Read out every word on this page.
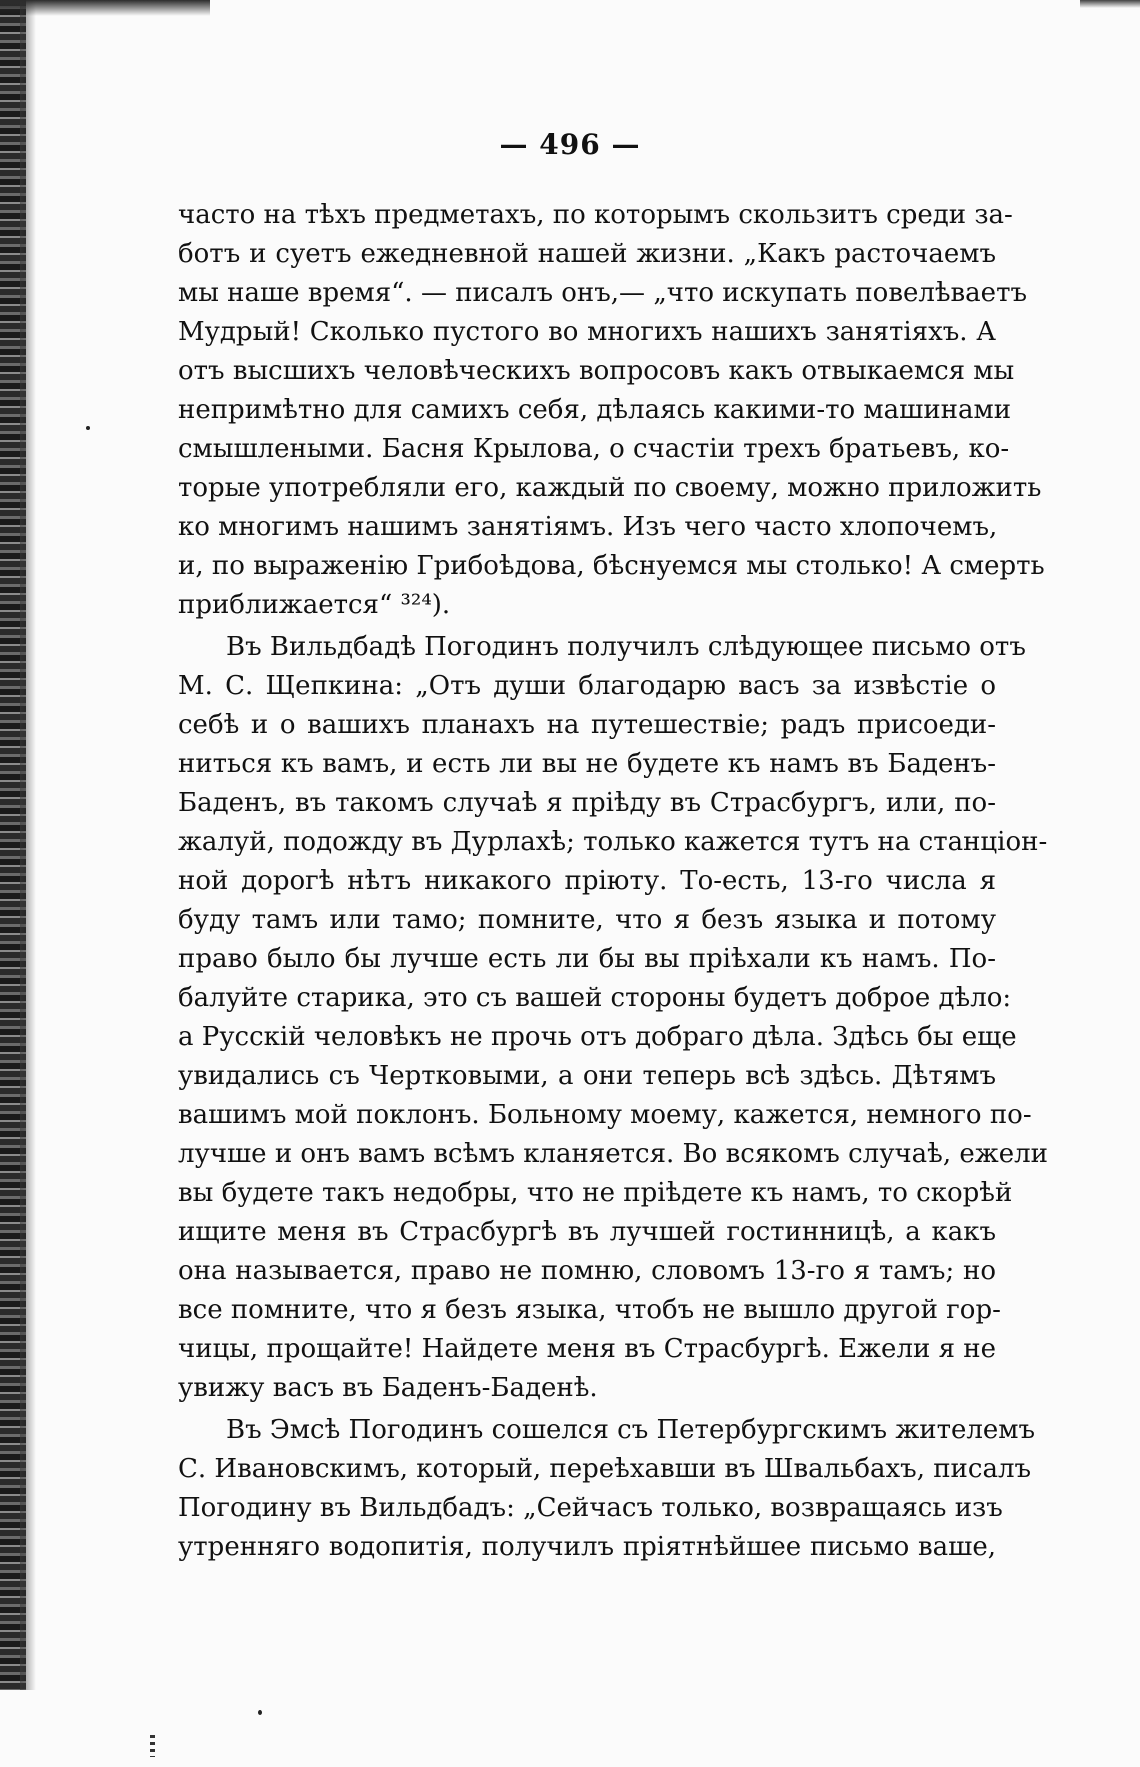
— 496 —
часто на тѣхъ предметахъ, по которымъ скользитъ среди за-
ботъ и суетъ ежедневной нашей жизни. „Какъ расточаемъ
мы наше время“. — писалъ онъ,— „что искупать повелѣваетъ
Мудрый! Сколько пустого во многихъ нашихъ занятіяхъ. А
отъ высшихъ человѣческихъ вопросовъ какъ отвыкаемся мы
непримѣтно для самихъ себя, дѣлаясь какими-то машинами
смышлеными. Басня Крылова, о счастіи трехъ братьевъ, ко-
торые употребляли его, каждый по своему, можно приложить
ко многимъ нашимъ занятіямъ. Изъ чего часто хлопочемъ,
и, по выраженію Грибоѣдова, бѣснуемся мы столько! А смерть
приближается“ ³²⁴).
Въ Вильдбадѣ Погодинъ получилъ слѣдующее письмо отъ
М. С. Щепкина: „Отъ души благодарю васъ за извѣстіе о
себѣ и о вашихъ планахъ на путешествіе; радъ присоеди-
ниться къ вамъ, и есть ли вы не будете къ намъ въ Баденъ-
Баденъ, въ такомъ случаѣ я пріѣду въ Страсбургъ, или, по-
жалуй, подожду въ Дурлахѣ; только кажется тутъ на станціон-
ной дорогѣ нѣтъ никакого пріюту. То-есть, 13-го числа я
буду тамъ или тамо; помните, что я безъ языка и потому
право было бы лучше есть ли бы вы пріѣхали къ намъ. По-
балуйте старика, это съ вашей стороны будетъ доброе дѣло:
а Русскій человѣкъ не прочь отъ добраго дѣла. Здѣсь бы еще
увидались съ Чертковыми, а они теперь всѣ здѣсь. Дѣтямъ
вашимъ мой поклонъ. Больному моему, кажется, немного по-
лучше и онъ вамъ всѣмъ кланяется. Во всякомъ случаѣ, ежели
вы будете такъ недобры, что не пріѣдете къ намъ, то скорѣй
ищите меня въ Страсбургѣ въ лучшей гостинницѣ, а какъ
она называется, право не помню, словомъ 13-го я тамъ; но
все помните, что я безъ языка, чтобъ не вышло другой гор-
чицы, прощайте! Найдете меня въ Страсбургѣ. Ежели я не
увижу васъ въ Баденъ-Баденѣ.
Въ Эмсѣ Погодинъ сошелся съ Петербургскимъ жителемъ
С. Ивановскимъ, который, переѣхавши въ Швальбахъ, писалъ
Погодину въ Вильдбадъ: „Сейчасъ только, возвращаясь изъ
утренняго водопитія, получилъ пріятнѣйшее письмо ваше,
